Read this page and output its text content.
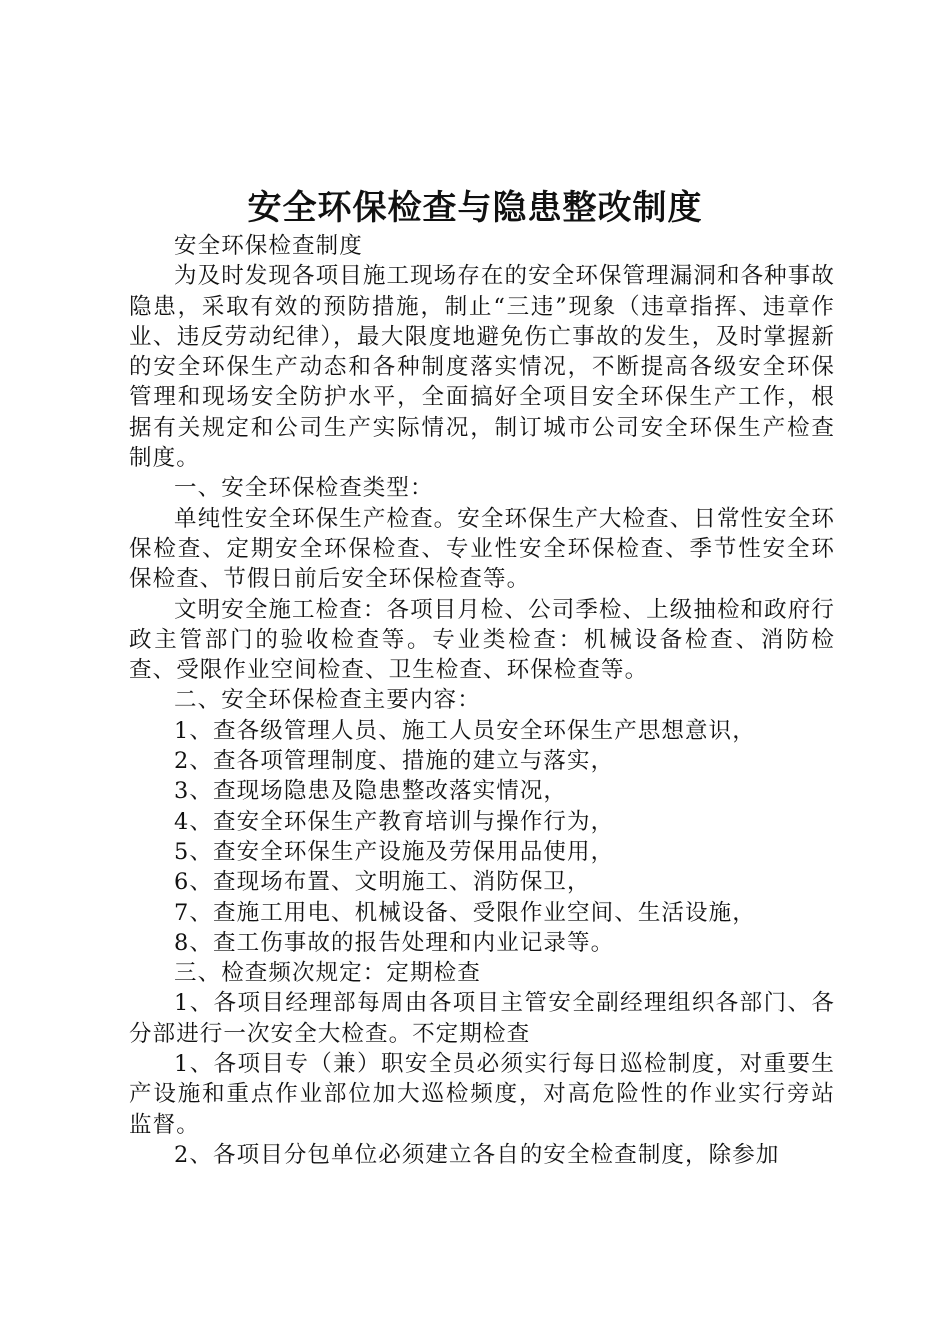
安全环保检查与隐患整改制度

安全环保检查制度

为及时发现各项目施工现场存在的安全环保管理漏洞和各种事故隐患，采取有效的预防措施，制止“三违”现象（违章指挥、违章作业、违反劳动纪律），最大限度地避免伤亡事故的发生，及时掌握新的安全环保生产动态和各种制度落实情况，不断提高各级安全环保管理和现场安全防护水平，全面搞好全项目安全环保生产工作，根据有关规定和公司生产实际情况，制订城市公司安全环保生产检查制度。

一、安全环保检查类型：

单纯性安全环保生产检查。安全环保生产大检查、日常性安全环保检查、定期安全环保检查、专业性安全环保检查、季节性安全环保检查、节假日前后安全环保检查等。

文明安全施工检查：各项目月检、公司季检、上级抽检和政府行政主管部门的验收检查等。专业类检查：机械设备检查、消防检查、受限作业空间检查、卫生检查、环保检查等。

二、安全环保检查主要内容：

1、查各级管理人员、施工人员安全环保生产思想意识，

2、查各项管理制度、措施的建立与落实，

3、查现场隐患及隐患整改落实情况，

4、查安全环保生产教育培训与操作行为，

5、查安全环保生产设施及劳保用品使用，

6、查现场布置、文明施工、消防保卫，

7、查施工用电、机械设备、受限作业空间、生活设施，

8、查工伤事故的报告处理和内业记录等。

三、检查频次规定：定期检查

1、各项目经理部每周由各项目主管安全副经理组织各部门、各分部进行一次安全大检查。不定期检查

1、各项目专（兼）职安全员必须实行每日巡检制度，对重要生产设施和重点作业部位加大巡检频度，对高危险性的作业实行旁站监督。

2、各项目分包单位必须建立各自的安全检查制度，除参加
